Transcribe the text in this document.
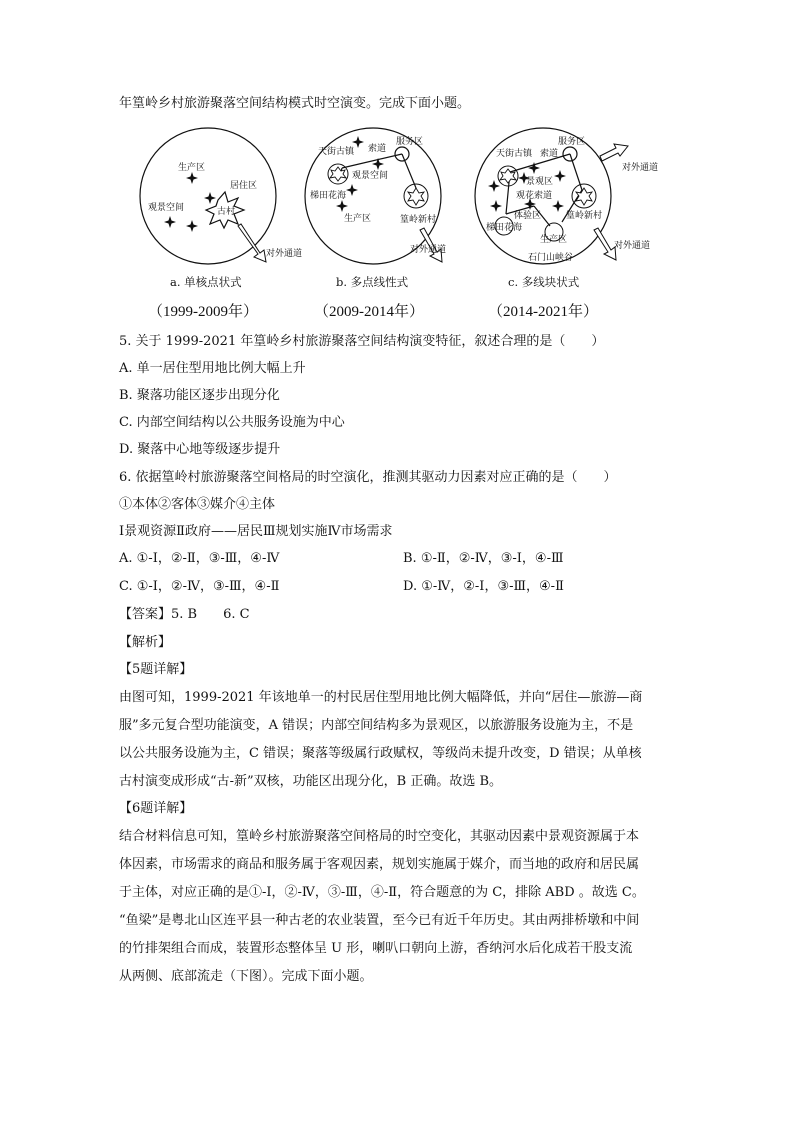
年篁岭乡村旅游聚落空间结构模式时空演变。完成下面小题。
生产区
居住区
观景空间	古村
对外通道
a. 单核点状式
（1999-2009年）
服务区
天街古镇 索道
观景空间
梯田花海
生产区	篁岭新村
对外通道
b. 多点线性式
（2009-2014年）
服务区
天街古镇 索道
对外通道
景观区
观花索道
体验区	篁岭新村
梯田花海
生产区
石门山峡谷
对外通道
c. 多线块状式
（2014-2021年）
5. 关于 1999-2021 年篁岭乡村旅游聚落空间结构演变特征，叙述合理的是（　　）
A. 单一居住型用地比例大幅上升
B. 聚落功能区逐步出现分化
C. 内部空间结构以公共服务设施为中心
D. 聚落中心地等级逐步提升
6. 依据篁岭村旅游聚落空间格局的时空演化，推测其驱动力因素对应正确的是（　　）
①本体②客体③媒介④主体
Ⅰ景观资源Ⅱ政府——居民Ⅲ规划实施Ⅳ市场需求
A. ①-Ⅰ，②-Ⅱ，③-Ⅲ，④-Ⅳ	B. ①-Ⅱ，②-Ⅳ，③-Ⅰ，④-Ⅲ
C. ①-Ⅰ，②-Ⅳ，③-Ⅲ，④-Ⅱ	D. ①-Ⅳ，②-Ⅰ，③-Ⅲ，④-Ⅱ
【答案】5. B　　6. C
【解析】
【5题详解】
由图可知，1999-2021 年该地单一的村民居住型用地比例大幅降低，并向“居住—旅游—商
服”多元复合型功能演变，A 错误；内部空间结构多为景观区，以旅游服务设施为主，不是
以公共服务设施为主，C 错误；聚落等级属行政赋权，等级尚未提升改变，D 错误；从单核
古村演变成形成“古-新”双核，功能区出现分化，B 正确。故选 B。
【6题详解】
结合材料信息可知，篁岭乡村旅游聚落空间格局的时空变化，其驱动因素中景观资源属于本
体因素，市场需求的商品和服务属于客观因素，规划实施属于媒介，而当地的政府和居民属
于主体，对应正确的是①-Ⅰ，②-Ⅳ，③-Ⅲ，④-Ⅱ，符合题意的为 C，排除 ABD 。故选 C。
“鱼梁”是粤北山区连平县一种古老的农业装置，至今已有近千年历史。其由两排桥墩和中间
的竹排架组合而成，装置形态整体呈 U 形，喇叭口朝向上游，香纳河水后化成若干股支流
从两侧、底部流走（下图）。完成下面小题。
